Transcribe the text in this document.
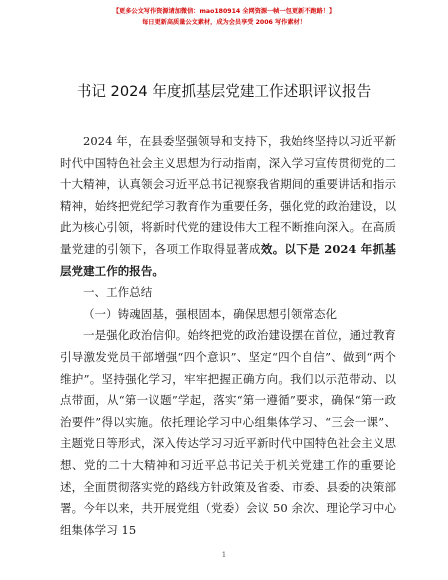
【更多公文写作资源请加微信：mao180914 全网资源一帧一包更新不跑路！】
每日更新高质量公文素材，成为会员享受 2006 写作素材！
书记 2024 年度抓基层党建工作述职评议报告

2024 年，在县委坚强领导和支持下，我始终坚持以习近平新时代中国特色社会主义思想为行动指南，深入学习宣传贯彻党的二十大精神，认真领会习近平总书记视察我省期间的重要讲话和指示精神，始终把党纪学习教育作为重要任务，强化党的政治建设，以此为核心引领，将新时代党的建设伟大工程不断推向深入。在高质量党建的引领下，各项工作取得显著成效。以下是 2024 年抓基层党建工作的报告。

一、工作总结

（一）铸魂固基，强根固本，确保思想引领常态化

一是强化政治信仰。始终把党的政治建设摆在首位，通过教育引导激发党员干部增强“四个意识”、坚定“四个自信”、做到“两个维护”。坚持强化学习，牢牢把握正确方向。我们以示范带动、以点带面，从“第一议题”学起，落实“第一遵循”要求，确保“第一政治要件”得以实施。依托理论学习中心组集体学习、“三会一课”、主题党日等形式，深入传达学习习近平新时代中国特色社会主义思想、党的二十大精神和习近平总书记关于机关党建工作的重要论述，全面贯彻落实党的路线方针政策及省委、市委、县委的决策部署。今年以来，共开展党组（党委）会议 50 余次、理论学习中心组集体学习 15

1
